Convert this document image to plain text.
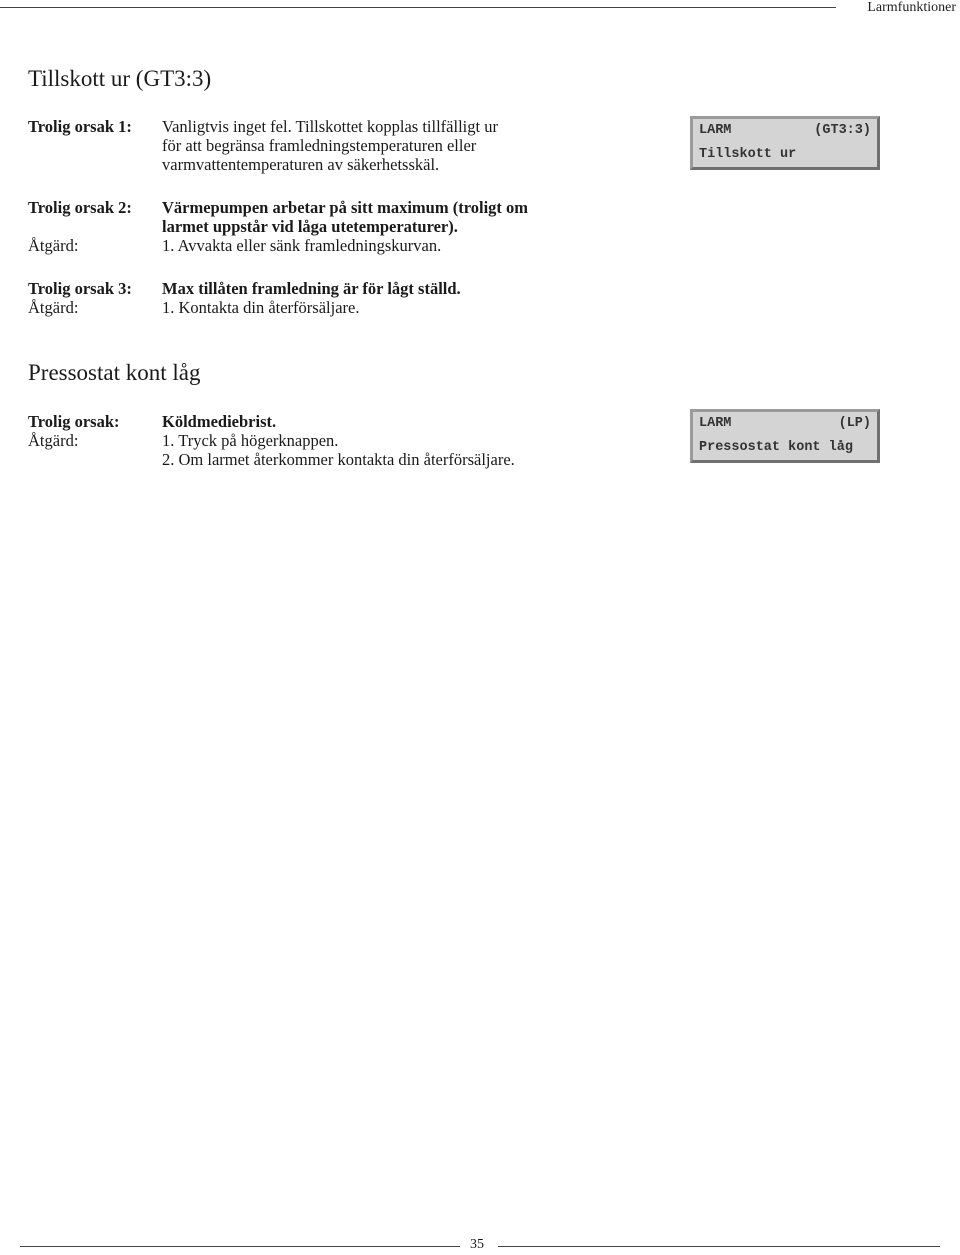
Larmfunktioner
Tillskott ur (GT3:3)
Trolig orsak 1: Vanligtvis inget fel. Tillskottet kopplas tillfälligt ur
för att begränsa framledningstemperaturen eller
varmvattentemperaturen av säkerhetsskäl.
Trolig orsak 2: Värmepumpen arbetar på sitt maximum (troligt om
larmet uppstår vid låga utetemperaturer).
Åtgärd:	1. Avvakta eller sänk framledningskurvan.
Trolig orsak 3: Max tillåten framledning är för lågt ställd.
Åtgärd:	1. Kontakta din återförsäljare.
LARM	(GT3:3)
Tillskott ur
Pressostat kont låg
Trolig orsak:	Köldmediebrist.
Åtgärd:	1. Tryck på högerknappen.
2. Om larmet återkommer kontakta din återförsäljare.
LARM	(LP)
Pressostat kont låg
35
